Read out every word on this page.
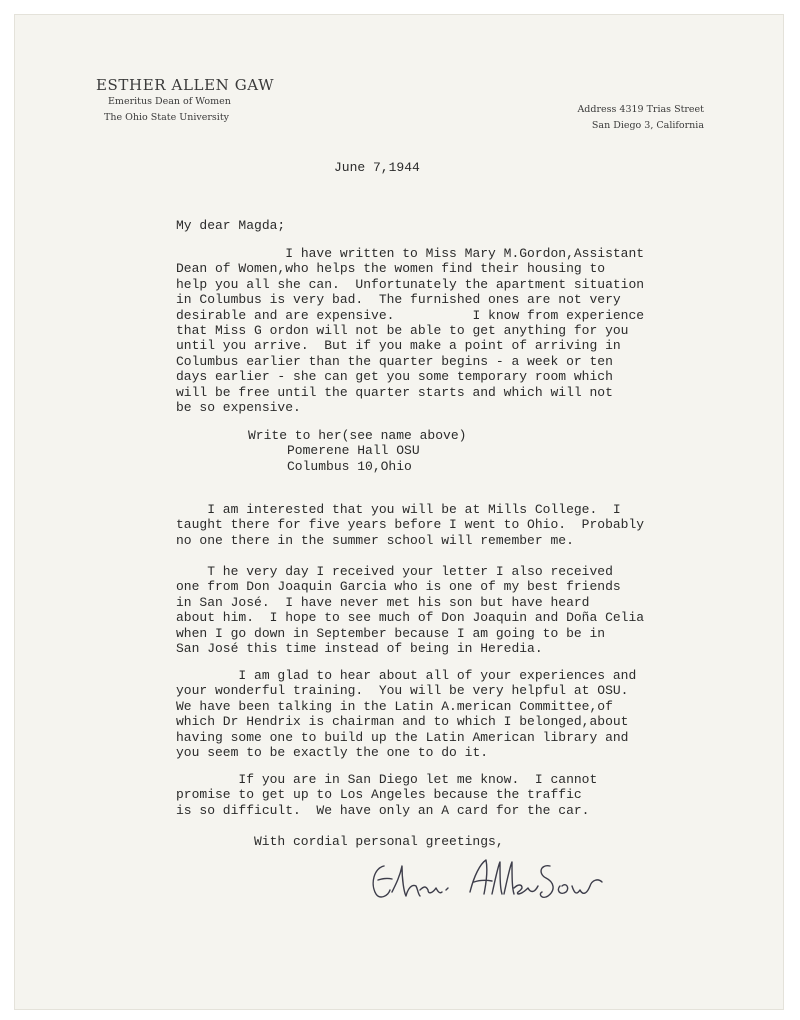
ESTHER ALLEN GAW
Emeritus Dean of Women
The Ohio State University
Address 4319 Trias Street
San Diego 3, California
June 7,1944
My dear Magda;
I have written to Miss Mary M.Gordon,Assistant
Dean of Women,who helps the women find their housing to
help you all she can.  Unfortunately the apartment situation
in Columbus is very bad.  The furnished ones are not very
desirable and are expensive.          I know from experience
that Miss G ordon will not be able to get anything for you
until you arrive.  But if you make a point of arriving in
Columbus earlier than the quarter begins - a week or ten
days earlier - she can get you some temporary room which
will be free until the quarter starts and which will not
be so expensive.
Write to her(see name above)
Pomerene Hall OSU
Columbus 10,Ohio
I am interested that you will be at Mills College.  I
taught there for five years before I went to Ohio.  Probably
no one there in the summer school will remember me.
T he very day I received your letter I also received
one from Don Joaquin Garcia who is one of my best friends
in San José.  I have never met his son but have heard
about him.  I hope to see much of Don Joaquin and Doña Celia
when I go down in September because I am going to be in
San José this time instead of being in Heredia.
I am glad to hear about all of your experiences and
your wonderful training.  You will be very helpful at OSU.
We have been talking in the Latin A.merican Committee,of
which Dr Hendrix is chairman and to which I belonged,about
having some one to build up the Latin American library and
you seem to be exactly the one to do it.
If you are in San Diego let me know.  I cannot
promise to get up to Los Angeles because the traffic
is so difficult.  We have only an A card for the car.
With cordial personal greetings,
